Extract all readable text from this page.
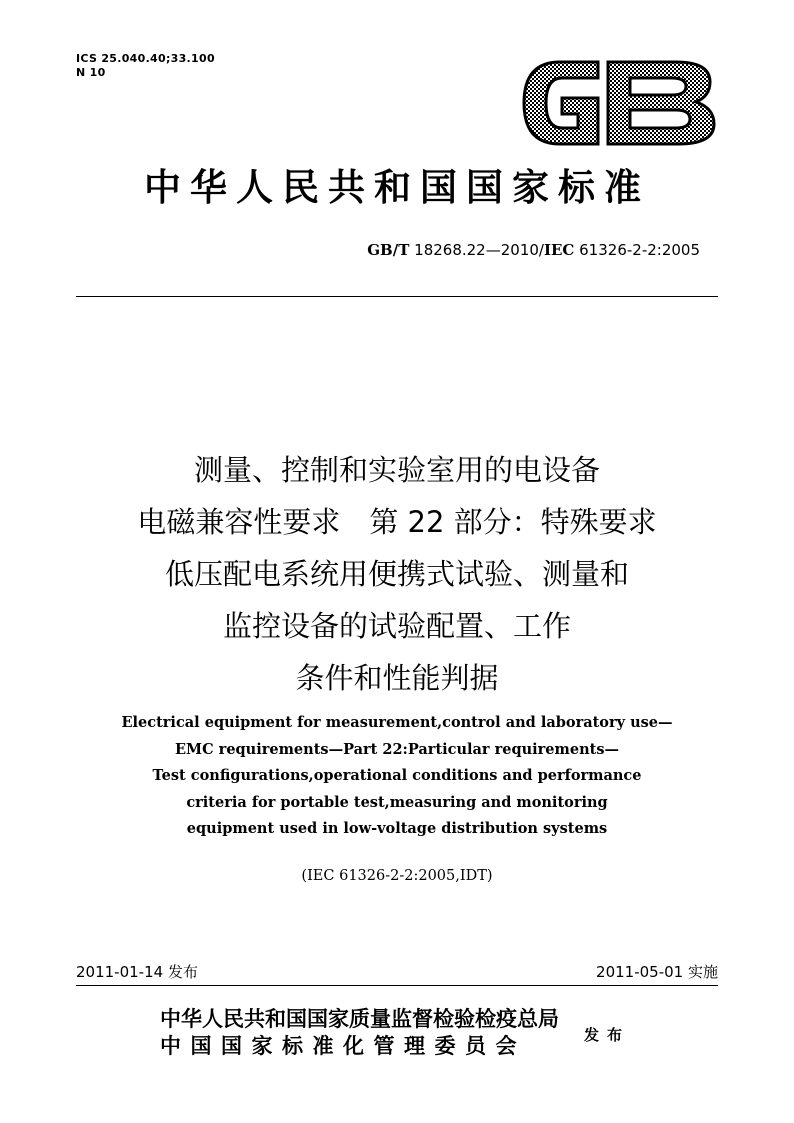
ICS 25.040.40;33.100
N 10
中华人民共和国国家标准
GB/T 18268.22—2010/IEC 61326-2-2:2005
测量、控制和实验室用的电设备
电磁兼容性要求　第 22 部分：特殊要求
低压配电系统用便携式试验、测量和
监控设备的试验配置、工作
条件和性能判据
Electrical equipment for measurement,control and laboratory use—
EMC requirements—Part 22:Particular requirements—
Test configurations,operational conditions and performance
criteria for portable test,measuring and monitoring
equipment used in low-voltage distribution systems
(IEC 61326-2-2:2005,IDT)
2011-01-14 发布	2011-05-01 实施
中华人民共和国国家质量监督检验检疫总局
中国国家标准化管理委员会	发布
